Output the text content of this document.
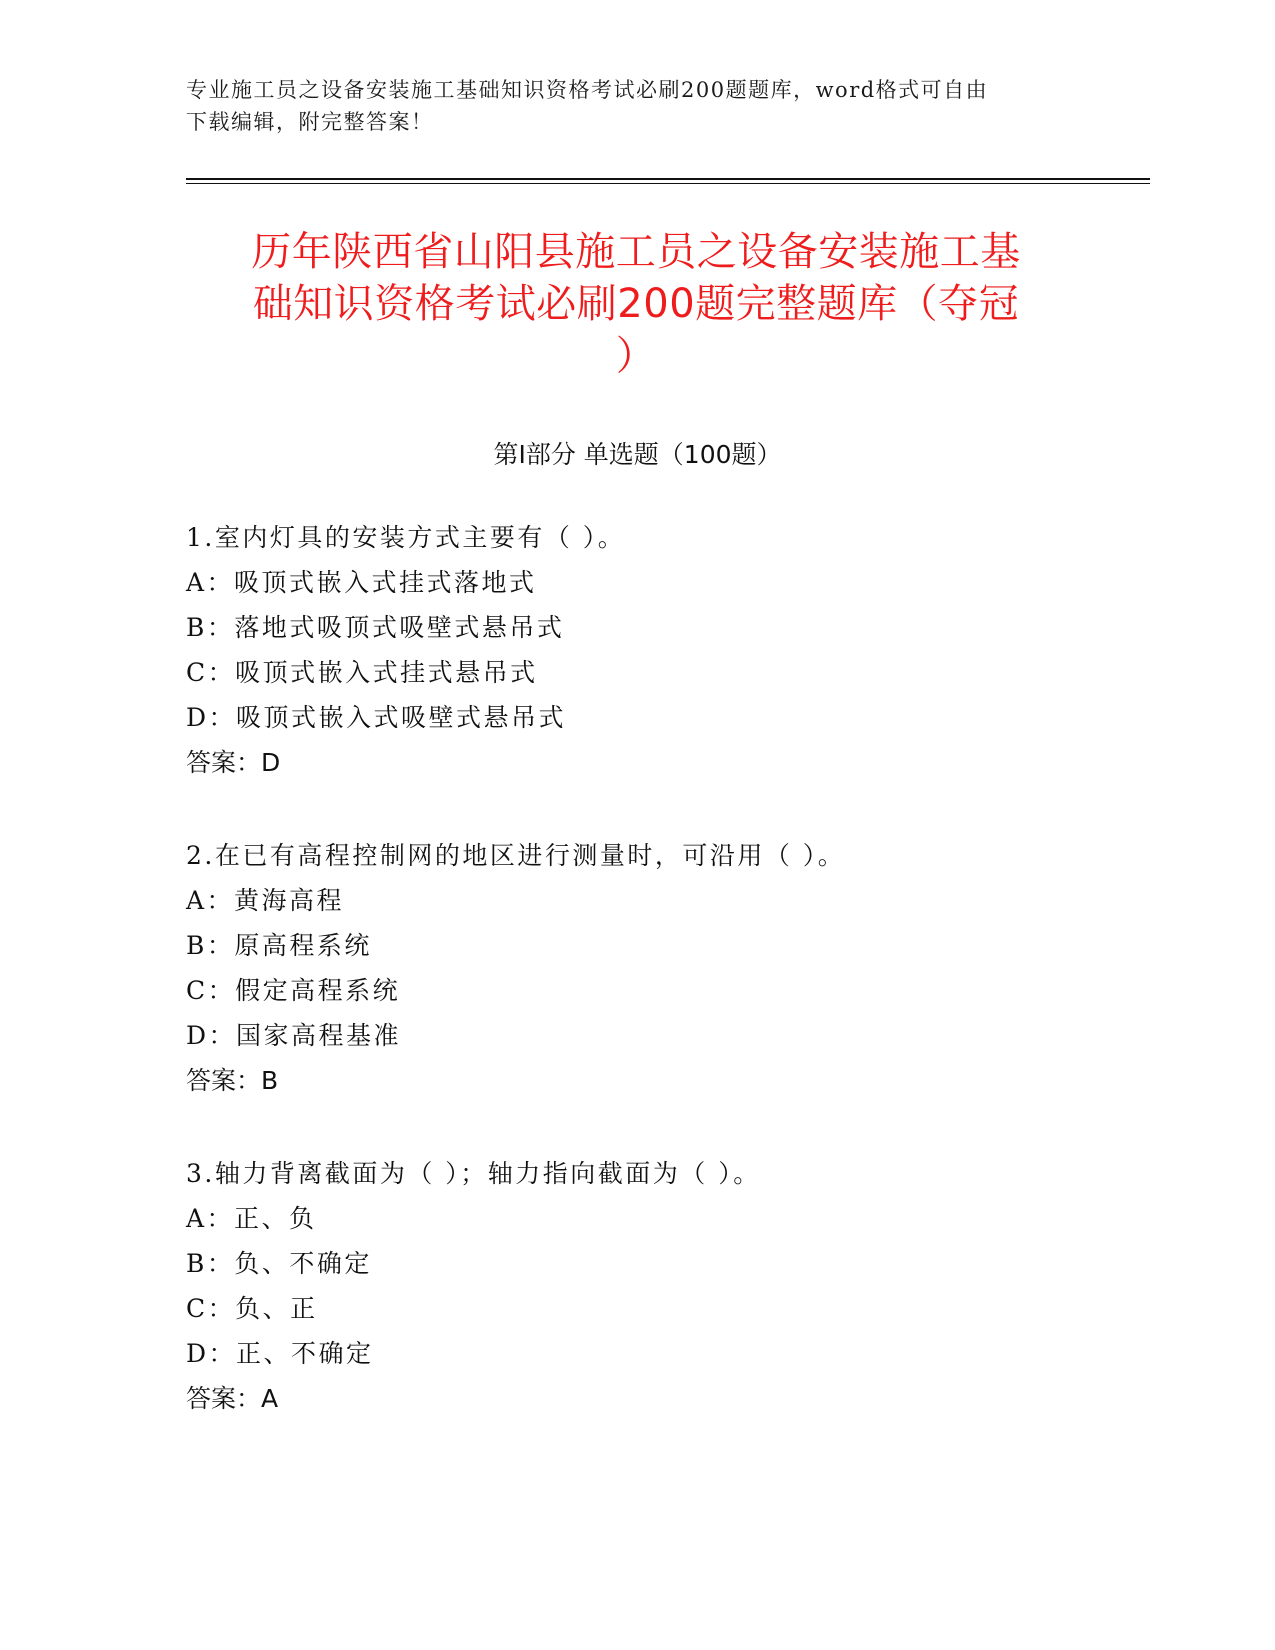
专业施工员之设备安装施工基础知识资格考试必刷200题题库，word格式可自由
下载编辑，附完整答案！
历年陕西省山阳县施工员之设备安装施工基
础知识资格考试必刷200题完整题库（夺冠
）
第I部分 单选题（100题）
1.室内灯具的安装方式主要有（ ）。
A：吸顶式嵌入式挂式落地式
B：落地式吸顶式吸壁式悬吊式
C：吸顶式嵌入式挂式悬吊式
D：吸顶式嵌入式吸壁式悬吊式
答案：D
2.在已有高程控制网的地区进行测量时，可沿用（ ）。
A：黄海高程
B：原高程系统
C：假定高程系统
D：国家高程基准
答案：B
3.轴力背离截面为（ ）；轴力指向截面为（ ）。
A：正、负
B：负、不确定
C：负、正
D：正、不确定
答案：A
